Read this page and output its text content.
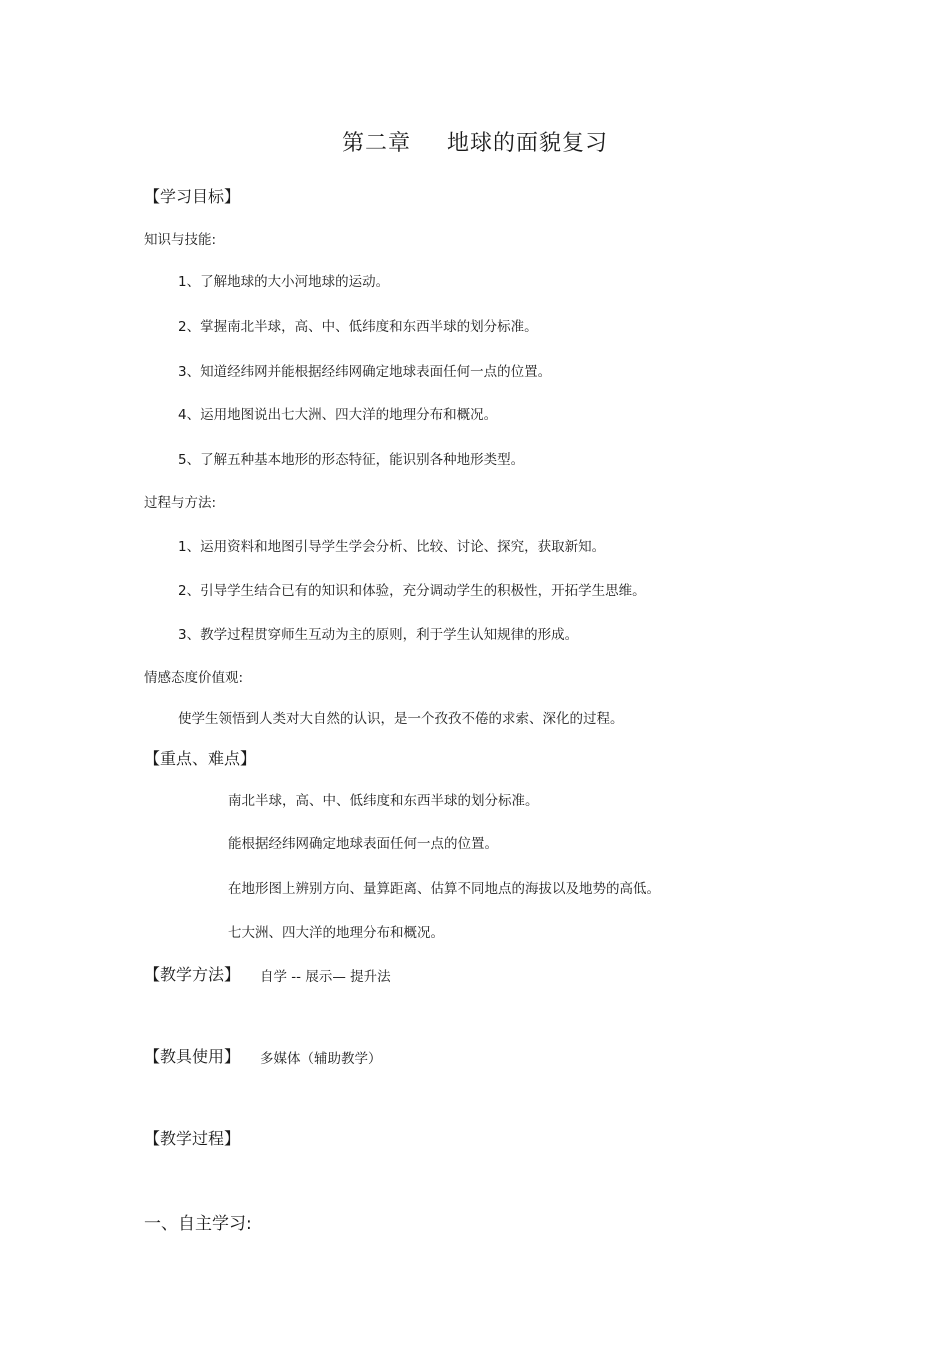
第二章 地球的面貌复习
【学习目标】
知识与技能:
1、了解地球的大小河地球的运动。
2、掌握南北半球，高、中、低纬度和东西半球的划分标准。
3、知道经纬网并能根据经纬网确定地球表面任何一点的位置。
4、运用地图说出七大洲、四大洋的地理分布和概况。
5、了解五种基本地形的形态特征，能识别各种地形类型。
过程与方法:
1、运用资料和地图引导学生学会分析、比较、讨论、探究，获取新知。
2、引导学生结合已有的知识和体验，充分调动学生的积极性，开拓学生思维。
3、教学过程贯穿师生互动为主的原则，利于学生认知规律的形成。
情感态度价值观:
使学生领悟到人类对大自然的认识，是一个孜孜不倦的求索、深化的过程。
【重点、难点】
南北半球，高、中、低纬度和东西半球的划分标准。
能根据经纬网确定地球表面任何一点的位置。
在地形图上辨别方向、量算距离、估算不同地点的海拔以及地势的高低。
七大洲、四大洋的地理分布和概况。
【教学方法】 自学 -- 展示— 提升法
【教具使用】 多媒体（辅助教学）
【教学过程】
一、自主学习:
